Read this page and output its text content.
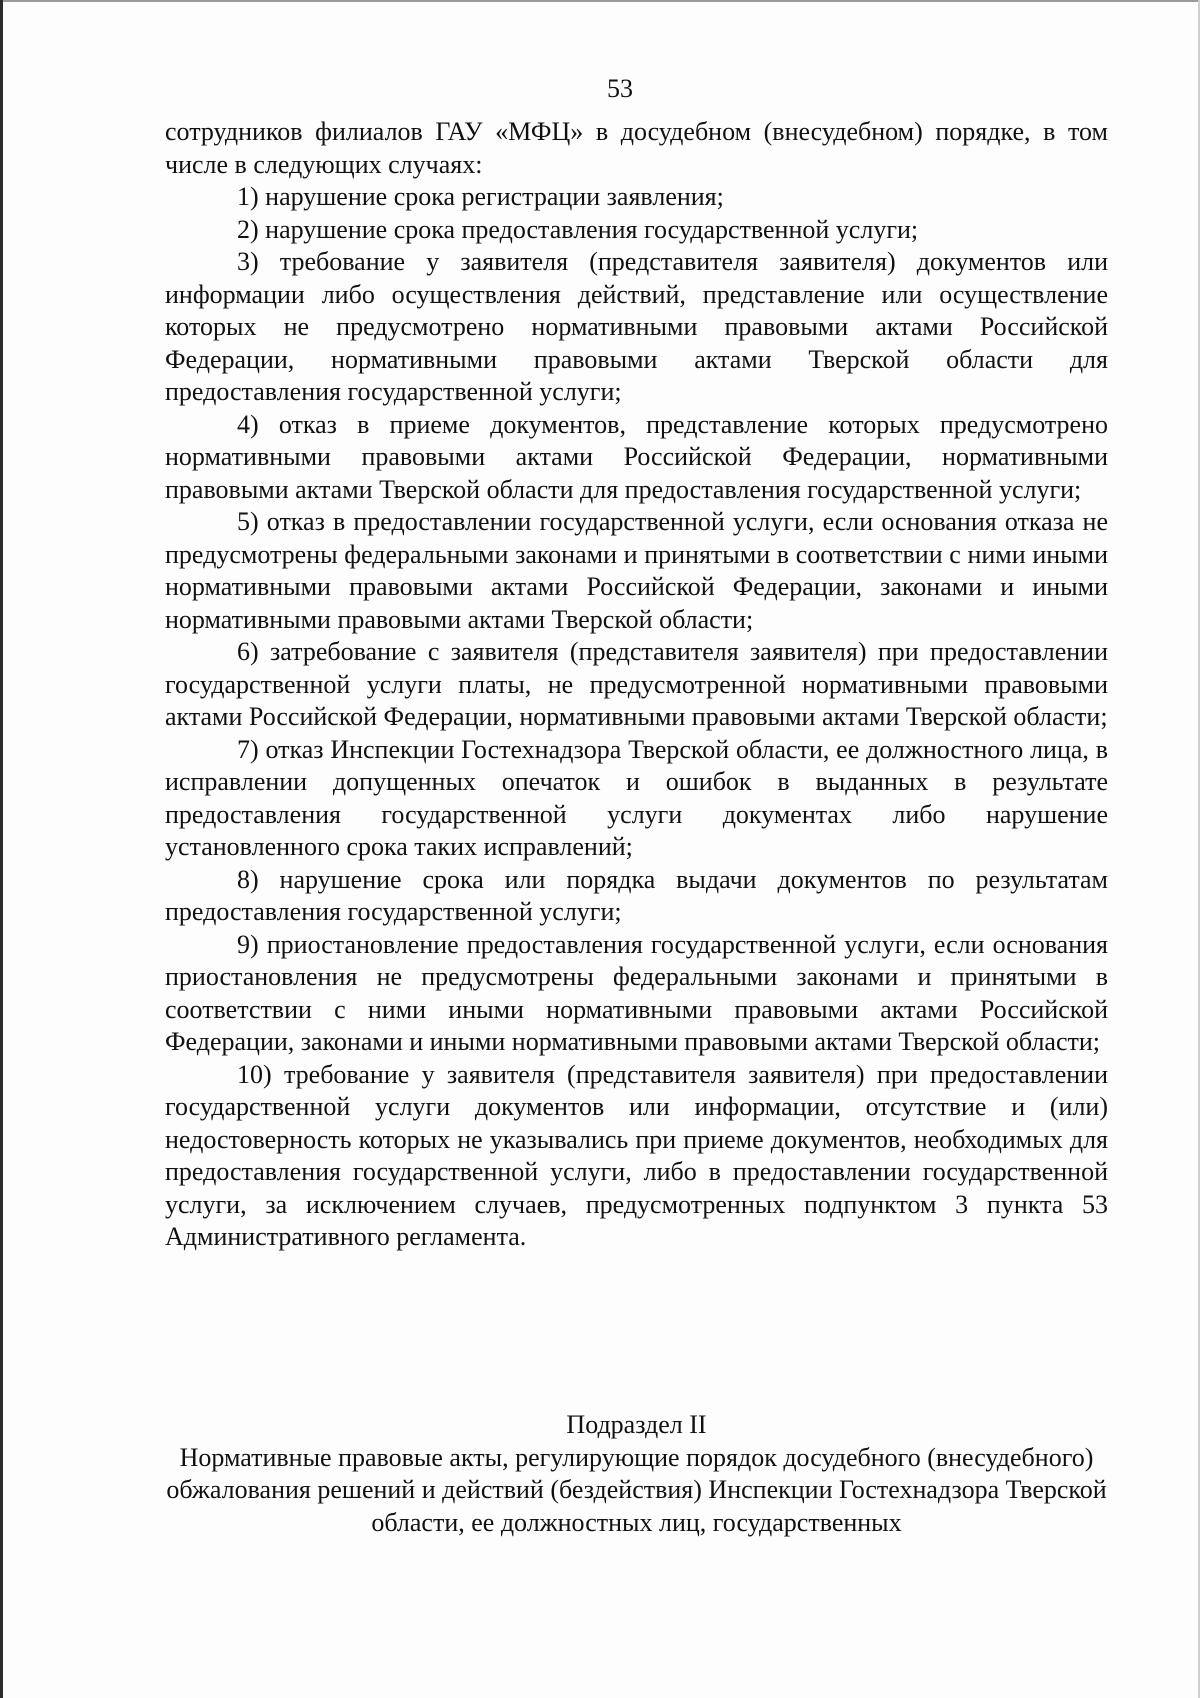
53

сотрудников филиалов ГАУ «МФЦ» в досудебном (внесудебном) порядке, в том числе в следующих случаях:

1) нарушение срока регистрации заявления;

2) нарушение срока предоставления государственной услуги;

3) требование у заявителя (представителя заявителя) документов или информации либо осуществления действий, представление или осуществление которых не предусмотрено нормативными правовыми актами Российской Федерации, нормативными правовыми актами Тверской области для предоставления государственной услуги;

4) отказ в приеме документов, представление которых предусмотрено нормативными правовыми актами Российской Федерации, нормативными правовыми актами Тверской области для предоставления государственной услуги;

5) отказ в предоставлении государственной услуги, если основания отказа не предусмотрены федеральными законами и принятыми в соответствии с ними иными нормативными правовыми актами Российской Федерации, законами и иными нормативными правовыми актами Тверской области;

6) затребование с заявителя (представителя заявителя) при предоставлении государственной услуги платы, не предусмотренной нормативными правовыми актами Российской Федерации, нормативными правовыми актами Тверской области;

7) отказ Инспекции Гостехнадзора Тверской области, ее должностного лица, в исправлении допущенных опечаток и ошибок в выданных в результате предоставления государственной услуги документах либо нарушение установленного срока таких исправлений;

8) нарушение срока или порядка выдачи документов по результатам предоставления государственной услуги;

9) приостановление предоставления государственной услуги, если основания приостановления не предусмотрены федеральными законами и принятыми в соответствии с ними иными нормативными правовыми актами Российской Федерации, законами и иными нормативными правовыми актами Тверской области;

10) требование у заявителя (представителя заявителя) при предоставлении государственной услуги документов или информации, отсутствие и (или) недостоверность которых не указывались при приеме документов, необходимых для предоставления государственной услуги, либо в предоставлении государственной услуги, за исключением случаев, предусмотренных подпунктом 3 пункта 53 Административного регламента.

Подраздел II

Нормативные правовые акты, регулирующие порядок досудебного (внесудебного) обжалования решений и действий (бездействия) Инспекции Гостехнадзора Тверской области, ее должностных лиц, государственных
